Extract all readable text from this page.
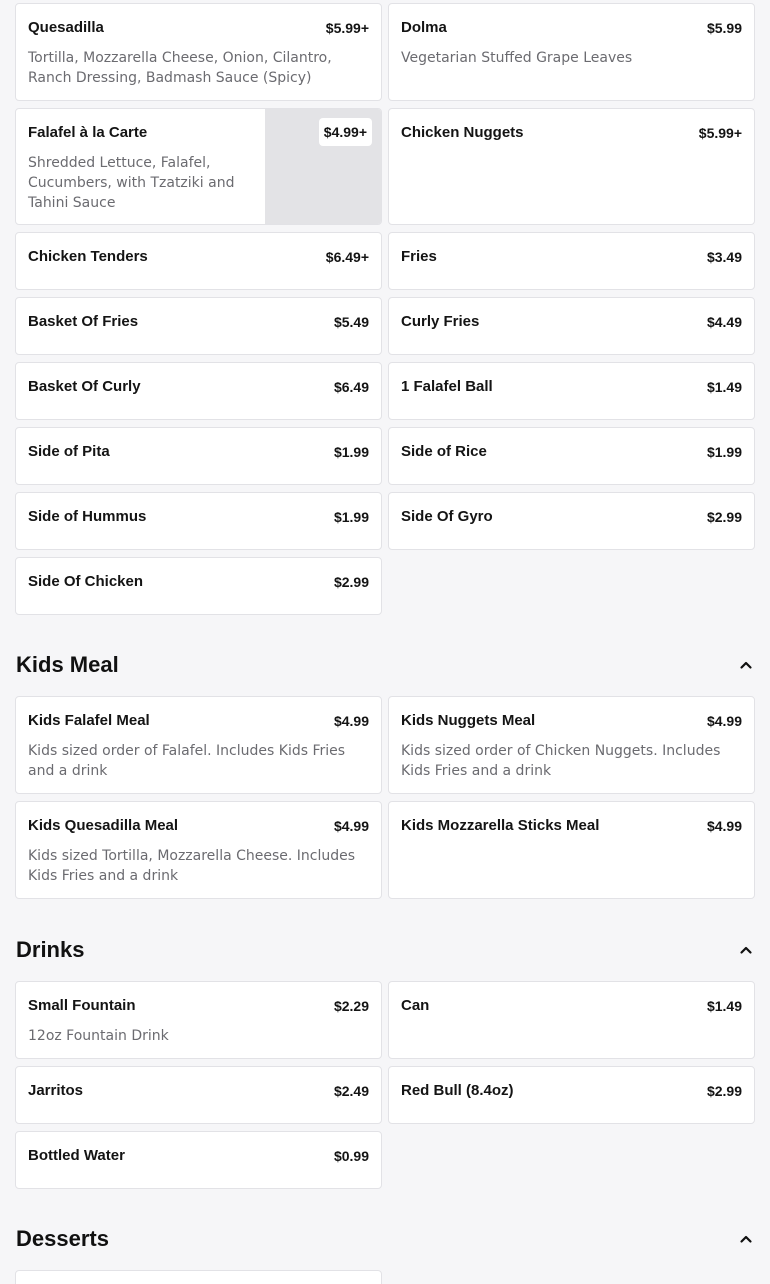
Quesadilla	$5.99+
Tortilla, Mozzarella Cheese, Onion, Cilantro, Ranch Dressing, Badmash Sauce (Spicy)
Dolma	$5.99
Vegetarian Stuffed Grape Leaves
$4.99+
Falafel à la Carte
Shredded Lettuce, Falafel, Cucumbers, with Tzatziki and Tahini Sauce
Chicken Nuggets	$5.99+
Chicken Tenders	$6.49+ Fries	$3.49
Basket Of Fries	$5.49 Curly Fries	$4.49
Basket Of Curly	$6.49 1 Falafel Ball	$1.49
Side of Pita	$1.99 Side of Rice	$1.99
Side of Hummus	$1.99 Side Of Gyro	$2.99
Side Of Chicken	$2.99
Kids Meal
Kids Falafel Meal	$4.99
Kids sized order of Falafel. Includes Kids Fries and a drink
Kids Nuggets Meal	$4.99
Kids sized order of Chicken Nuggets. Includes Kids Fries and a drink
Kids Quesadilla Meal	$4.99
Kids sized Tortilla, Mozzarella Cheese. Includes Kids Fries and a drink
Kids Mozzarella Sticks Meal	$4.99
Drinks
Small Fountain	$2.29
12oz Fountain Drink
Can	$1.49
Jarritos	$2.49 Red Bull (8.4oz)	$2.99
Bottled Water	$0.99
Desserts
